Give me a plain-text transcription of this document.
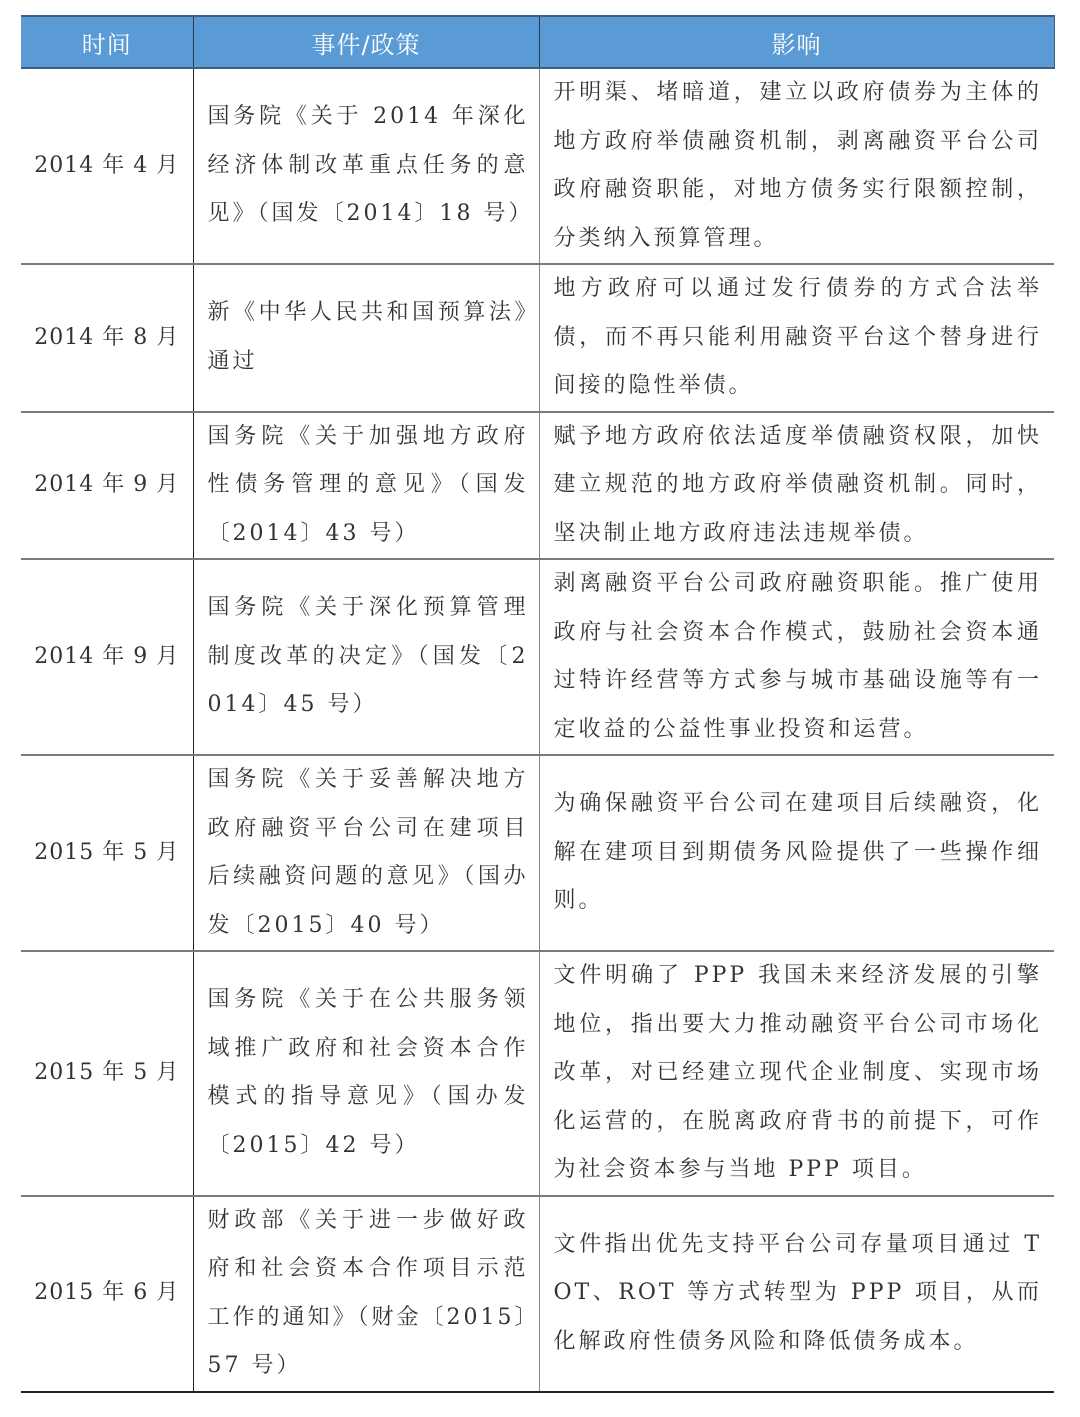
时间	事件/政策	影响
2014 年 4 月	国务院《关于 2014 年深化经济体制改革重点任务的意见》（国发〔2014〕18 号）	开明渠、堵暗道，建立以政府债券为主体的地方政府举债融资机制，剥离融资平台公司政府融资职能，对地方债务实行限额控制，分类纳入预算管理。
2014 年 8 月	新《中华人民共和国预算法》通过	地方政府可以通过发行债券的方式合法举债，而不再只能利用融资平台这个替身进行间接的隐性举债。
2014 年 9 月	国务院《关于加强地方政府性债务管理的意见》（国发〔2014〕43 号）	赋予地方政府依法适度举债融资权限，加快建立规范的地方政府举债融资机制。同时，坚决制止地方政府违法违规举债。
2014 年 9 月	国务院《关于深化预算管理制度改革的决定》（国发〔2014〕45 号）	剥离融资平台公司政府融资职能。推广使用政府与社会资本合作模式，鼓励社会资本通过特许经营等方式参与城市基础设施等有一定收益的公益性事业投资和运营。
2015 年 5 月	国务院《关于妥善解决地方政府融资平台公司在建项目后续融资问题的意见》（国办发〔2015〕40 号）	为确保融资平台公司在建项目后续融资，化解在建项目到期债务风险提供了一些操作细则。
2015 年 5 月	国务院《关于在公共服务领域推广政府和社会资本合作模式的指导意见》（国办发〔2015〕42 号）	文件明确了 PPP 我国未来经济发展的引擎地位，指出要大力推动融资平台公司市场化改革，对已经建立现代企业制度、实现市场化运营的，在脱离政府背书的前提下，可作为社会资本参与当地 PPP 项目。
2015 年 6 月	财政部《关于进一步做好政府和社会资本合作项目示范工作的通知》（财金〔2015〕57 号）	文件指出优先支持平台公司存量项目通过 TOT、ROT 等方式转型为 PPP 项目，从而化解政府性债务风险和降低债务成本。
